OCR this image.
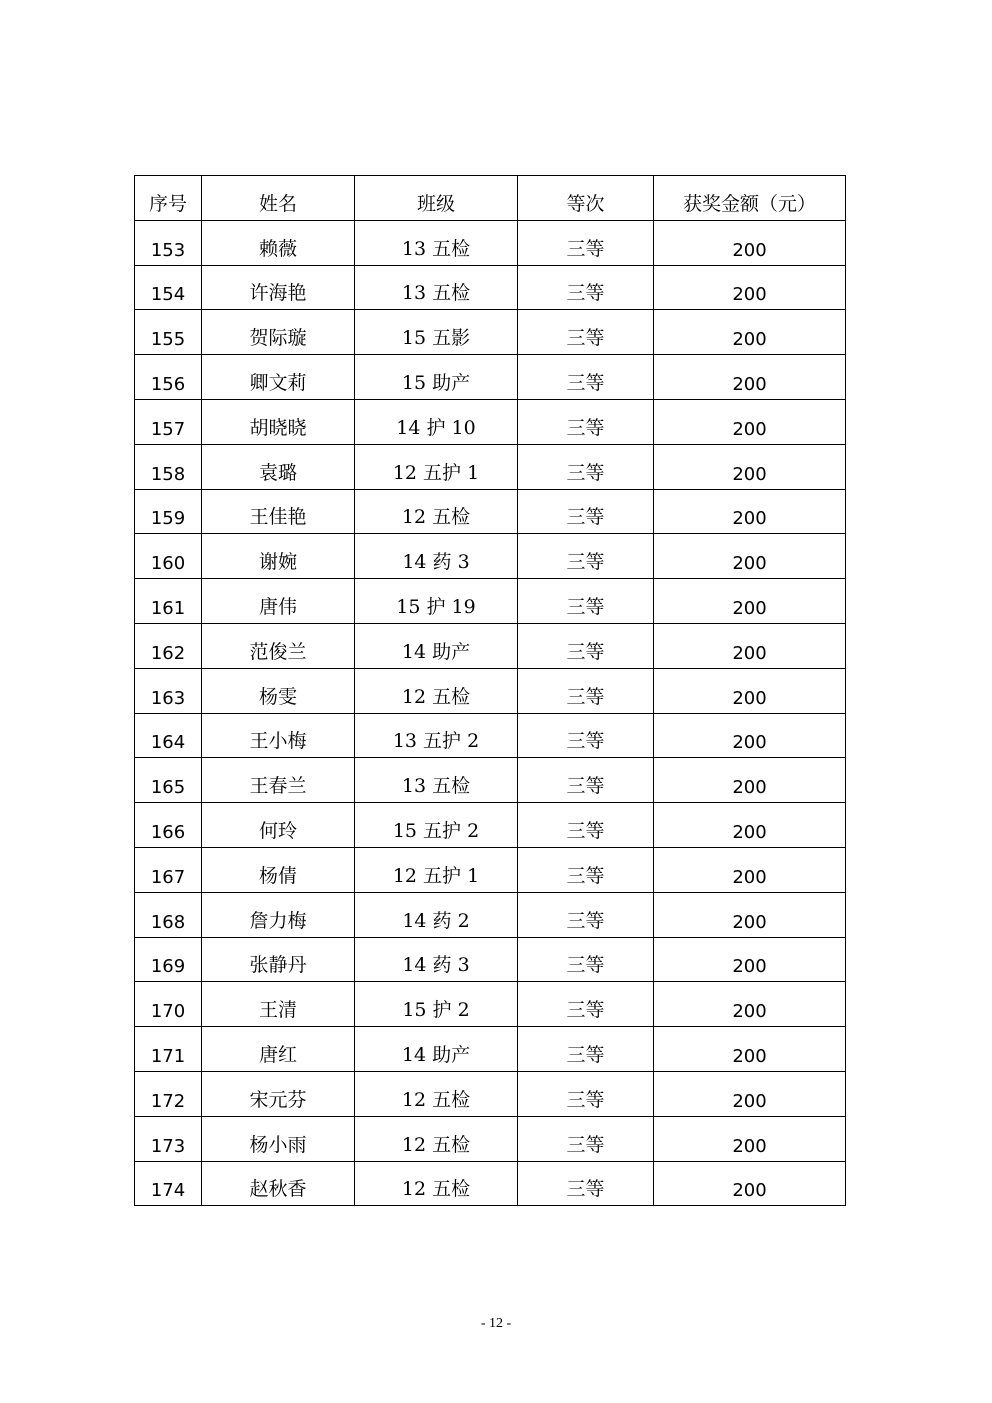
序号	姓名	班级	等次	获奖金额（元）
153	赖薇	13 五检	三等	200
154	许海艳	13 五检	三等	200
155	贺际璇	15 五影	三等	200
156	卿文莉	15 助产	三等	200
157	胡晓晓	14 护 10	三等	200
158	袁璐	12 五护 1	三等	200
159	王佳艳	12 五检	三等	200
160	谢婉	14 药 3	三等	200
161	唐伟	15 护 19	三等	200
162	范俊兰	14 助产	三等	200
163	杨雯	12 五检	三等	200
164	王小梅	13 五护 2	三等	200
165	王春兰	13 五检	三等	200
166	何玲	15 五护 2	三等	200
167	杨倩	12 五护 1	三等	200
168	詹力梅	14 药 2	三等	200
169	张静丹	14 药 3	三等	200
170	王清	15 护 2	三等	200
171	唐红	14 助产	三等	200
172	宋元芬	12 五检	三等	200
173	杨小雨	12 五检	三等	200
174	赵秋香	12 五检	三等	200
- 12 -
